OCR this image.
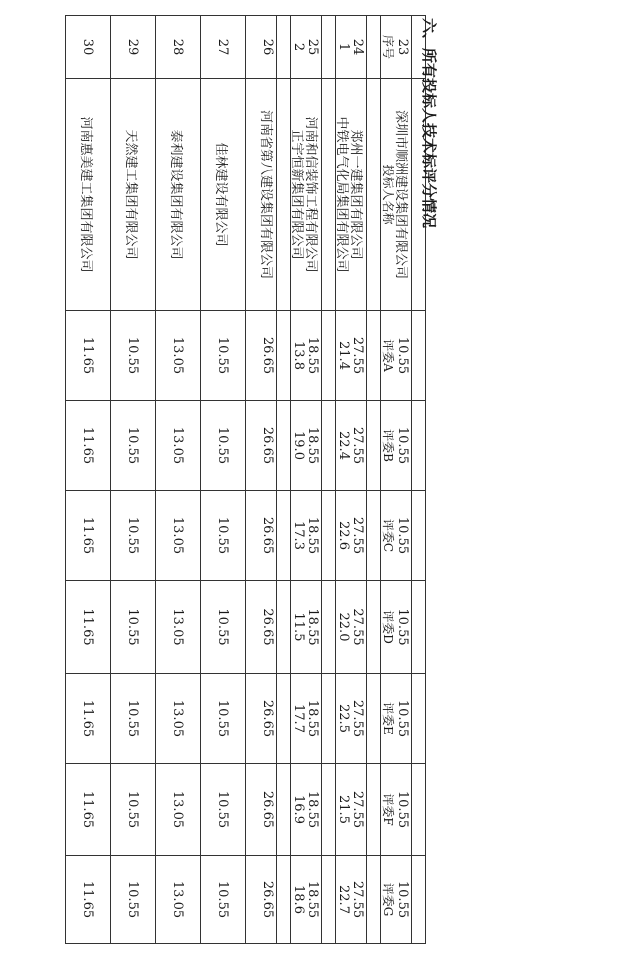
23	深圳市顺洲建设集团有限公司	10.55	10.55	10.55	10.55	10.55	10.55	10.55
24	郑州一建集团有限公司	27.55	27.55	27.55	27.55	27.55	27.55	27.55
25	河南和信装饰工程有限公司	18.55	18.55	18.55	18.55	18.55	18.55	18.55
26	河南省第八建设集团有限公司	26.65	26.65	26.65	26.65	26.65	26.65	26.65
27	佳林建设有限公司	10.55	10.55	10.55	10.55	10.55	10.55	10.55
28	泰利建设集团有限公司	13.05	13.05	13.05	13.05	13.05	13.05	13.05
29	天然建工集团有限公司	10.55	10.55	10.55	10.55	10.55	10.55	10.55
30	河南惠美建工集团有限公司	11.65	11.65	11.65	11.65	11.65	11.65	11.65
六、所有投标人技术标评分情况
序号	投标人名称	评委A	评委B	评委C	评委D	评委E	评委F	评委G
1	中铁电气化局集团有限公司	21.4	22.4	22.6	22.0	22.5	21.5	22.7
2	正宇恒新集团有限公司	13.8	19.0	17.3	11.5	17.7	16.9	18.6
